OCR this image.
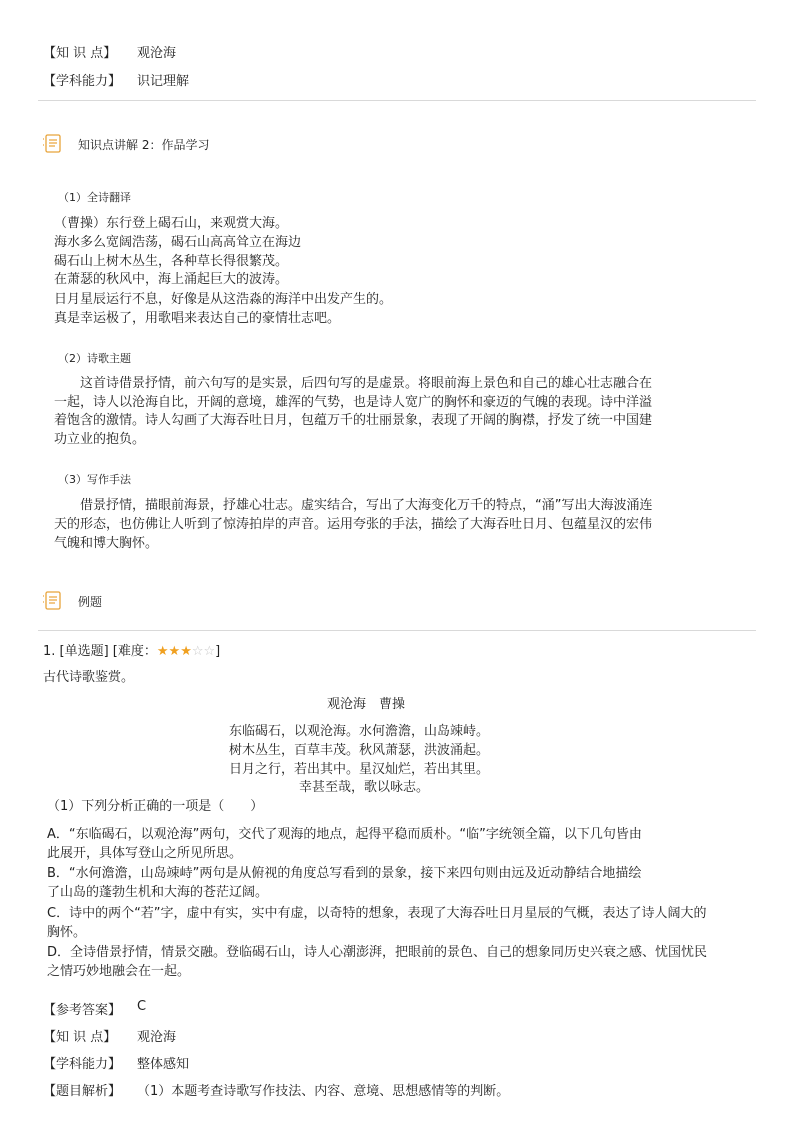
【知 识 点】 观沧海
【学科能力】 识记理解
知识点讲解 2：作品学习
（1）全诗翻译
（曹操）东行登上碣石山，来观赏大海。
海水多么宽阔浩荡，碣石山高高耸立在海边
碣石山上树木丛生，各种草长得很繁茂。
在萧瑟的秋风中，海上涌起巨大的波涛。
日月星辰运行不息，好像是从这浩淼的海洋中出发产生的。
真是幸运极了，用歌唱来表达自己的豪情壮志吧。
（2）诗歌主题
这首诗借景抒情，前六句写的是实景，后四句写的是虚景。将眼前海上景色和自己的雄心壮志融合在
一起，诗人以沧海自比，开阔的意境，雄浑的气势，也是诗人宽广的胸怀和豪迈的气魄的表现。诗中洋溢
着饱含的激情。诗人勾画了大海吞吐日月，包蕴万千的壮丽景象，表现了开阔的胸襟，抒发了统一中国建
功立业的抱负。
（3）写作手法
借景抒情，描眼前海景，抒雄心壮志。虚实结合，写出了大海变化万千的特点，“涌”写出大海波涌连
天的形态，也仿佛让人听到了惊涛拍岸的声音。运用夸张的手法，描绘了大海吞吐日月、包蕴星汉的宏伟
气魄和博大胸怀。
例题
1. [单选题] [难度：★★★☆☆]
古代诗歌鉴赏。
观沧海　曹操
东临碣石，以观沧海。水何澹澹，山岛竦峙。
树木丛生，百草丰茂。秋风萧瑟，洪波涌起。
日月之行，若出其中。星汉灿烂，若出其里。
幸甚至哉，歌以咏志。
（1）下列分析正确的一项是（　　）
A．“东临碣石，以观沧海”两句，交代了观海的地点，起得平稳而质朴。“临”字统领全篇，以下几句皆由
此展开，具体写登山之所见所思。
B．“水何澹澹，山岛竦峙”两句是从俯视的角度总写看到的景象，接下来四句则由远及近动静结合地描绘
了山岛的蓬勃生机和大海的苍茫辽阔。
C．诗中的两个“若”字，虚中有实，实中有虚，以奇特的想象，表现了大海吞吐日月星辰的气概，表达了诗人阔大的
胸怀。
D．全诗借景抒情，情景交融。登临碣石山，诗人心潮澎湃，把眼前的景色、自己的想象同历史兴衰之感、忧国忧民
之情巧妙地融会在一起。
【参考答案】 C
【知 识 点】 观沧海
【学科能力】 整体感知
【题目解析】 （1）本题考查诗歌写作技法、内容、意境、思想感情等的判断。
